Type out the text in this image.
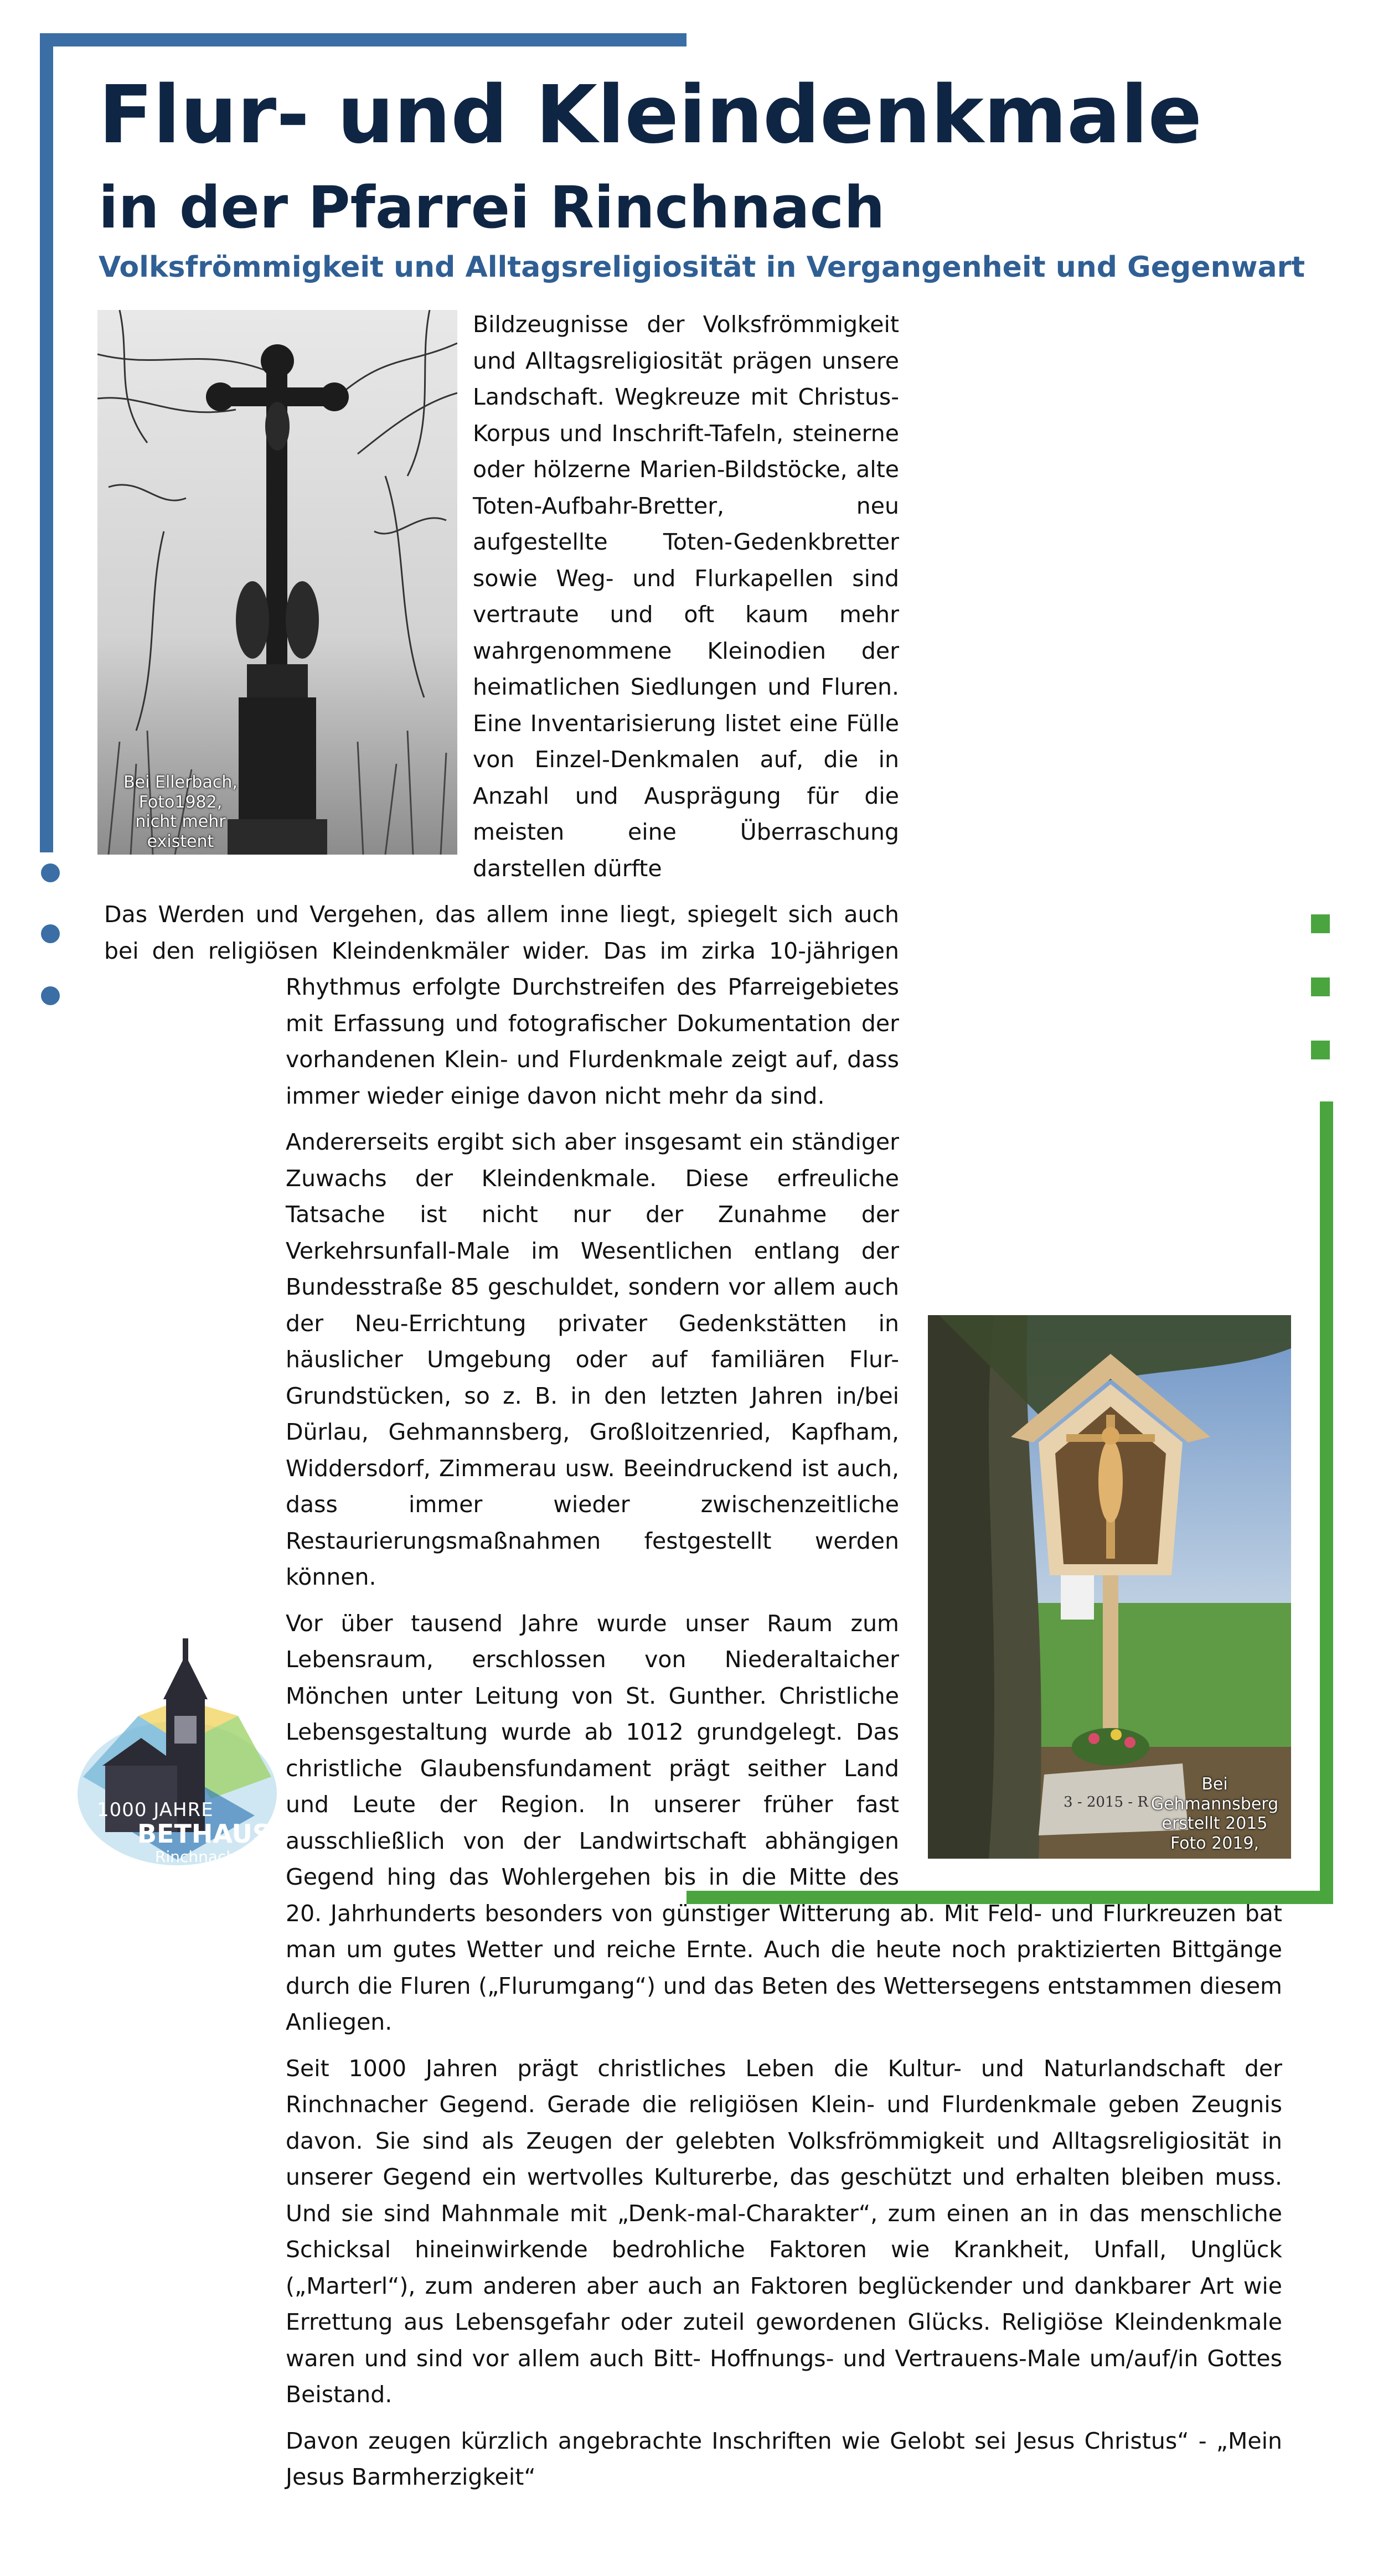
Flur- und Kleindenkmale
in der Pfarrei Rinchnach
Volksfrömmigkeit und Alltagsreligiosität in Vergangenheit und Gegenwart
Bei Ellerbach,
Foto1982,
nicht mehr
existent
3 - 2015 - R
Bei Gehmannsberg
erstellt 2015
Foto 2019,

Bildzeugnisse der Volksfrömmigkeit und Alltagsreligiosität prägen unsere Landschaft. Wegkreuze mit Christus-Korpus und Inschrift-Tafeln, steinerne oder hölzerne Marien-Bildstöcke, alte Toten-Aufbahr-Bretter, neu aufgestellte Toten-Gedenkbretter sowie Weg- und Flurkapellen sind vertraute und oft kaum mehr wahrgenommene Kleinodien der heimatlichen Siedlungen und Fluren. Eine Inventarisierung listet eine Fülle von Einzel-Denkmalen auf, die in Anzahl und Ausprägung für die meisten eine Überraschung darstellen dürfte

Das Werden und Vergehen, das allem inne liegt, spiegelt sich auch bei den religiösen Kleindenkmäler wider. Das im zirka 10-jährigen Rhythmus erfolgte Durchstreifen des Pfarreigebietes mit Erfassung und fotografischer Dokumentation der vorhandenen Klein- und Flurdenkmale zeigt auf, dass immer wieder einige davon nicht mehr da sind.

Andererseits ergibt sich aber insgesamt ein ständiger Zuwachs der Kleindenkmale. Diese erfreuliche Tatsache ist nicht nur der Zunahme der Verkehrsunfall-Male im Wesentlichen entlang der Bundesstraße 85 geschuldet, sondern vor allem auch der Neu-Errichtung privater Gedenkstätten in häuslicher Umgebung oder auf familiären Flur-Grundstücken, so z. B. in den letzten Jahren in/bei Dürlau, Gehmannsberg, Großloitzenried, Kapfham, Widdersdorf, Zimmerau usw. Beeindruckend ist auch, dass immer wieder zwischenzeitliche Restaurierungsmaßnahmen festgestellt werden können.

Vor über tausend Jahre wurde unser Raum zum Lebensraum, erschlossen von Niederaltaicher Mönchen unter Leitung von St. Gunther. Christliche Lebensgestaltung wurde ab 1012 grundgelegt. Das christliche Glaubensfundament prägt seither Land und Leute der Region. In unserer früher fast ausschließlich von der Landwirtschaft abhängigen Gegend hing das Wohlergehen bis in die Mitte des 20. Jahrhunderts besonders von günstiger Witterung ab. Mit Feld- und Flurkreuzen bat man um gutes Wetter und reiche Ernte. Auch die heute noch praktizierten Bittgänge durch die Fluren („Flurumgang“) und das Beten des Wettersegens entstammen diesem Anliegen.

Seit 1000 Jahren prägt christliches Leben die Kultur- und Naturlandschaft der Rinchnacher Gegend. Gerade die religiösen Klein- und Flurdenkmale geben Zeugnis davon. Sie sind als Zeugen der gelebten Volksfrömmigkeit und Alltagsreligiosität in unserer Gegend ein wertvolles Kulturerbe, das geschützt und erhalten bleiben muss. Und sie sind Mahnmale mit „Denk-mal-Charakter“, zum einen an in das menschliche Schicksal hineinwirkende bedrohliche Faktoren wie Krankheit, Unfall, Unglück („Marterl“), zum anderen aber auch an Faktoren beglückender und dankbarer Art wie Errettung aus Lebensgefahr oder zuteil gewordenen Glücks. Religiöse Kleindenkmale waren und sind vor allem auch Bitt- Hoffnungs- und Vertrauens-Male um/auf/in Gottes Beistand.

Davon zeugen kürzlich angebrachte Inschriften wie Gelobt sei Jesus Christus“ - „Mein Jesus Barmherzigkeit“

1000 JAHRE
BETHAUS
Rinchnach
